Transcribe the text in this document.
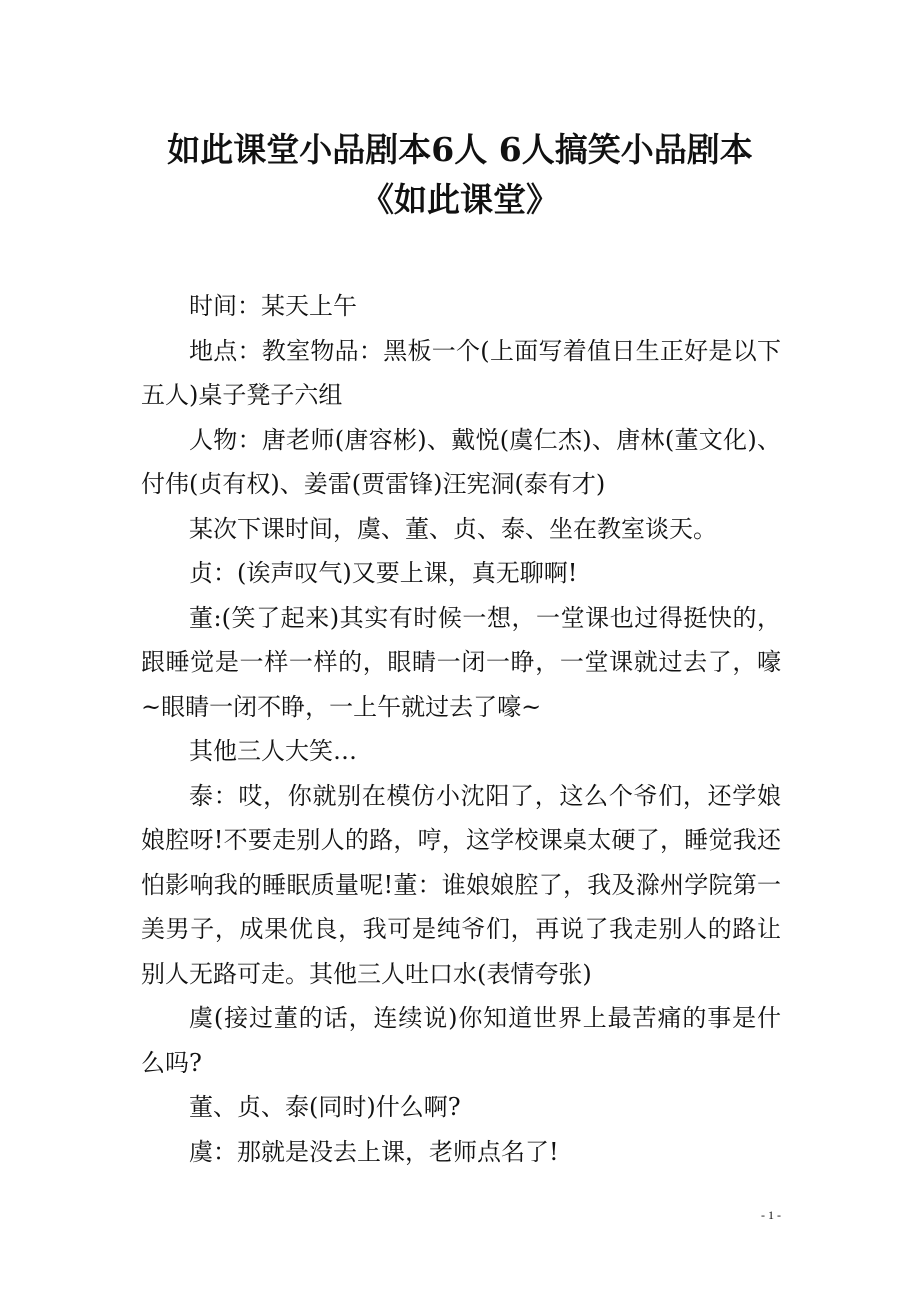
如此课堂小品剧本6人 6人搞笑小品剧本
《如此课堂》

时间：某天上午

地点：教室物品：黑板一个(上面写着值日生正好是以下五人)桌子凳子六组

人物：唐老师(唐容彬)、戴悦(虞仁杰)、唐林(董文化)、付伟(贞有权)、姜雷(贾雷锋)汪宪洞(泰有才)

某次下课时间，虞、董、贞、泰、坐在教室谈天。

贞：(诶声叹气)又要上课，真无聊啊!

董:(笑了起来)其实有时候一想，一堂课也过得挺快的，跟睡觉是一样一样的，眼睛一闭一睁，一堂课就过去了，嚎~眼睛一闭不睁，一上午就过去了嚎~

其他三人大笑…

泰：哎，你就别在模仿小沈阳了，这么个爷们，还学娘娘腔呀!不要走别人的路，哼，这学校课桌太硬了，睡觉我还怕影响我的睡眠质量呢!董：谁娘娘腔了，我及滁州学院第一美男子，成果优良，我可是纯爷们，再说了我走别人的路让别人无路可走。其他三人吐口水(表情夸张)

虞(接过董的话，连续说)你知道世界上最苦痛的事是什么吗?

董、贞、泰(同时)什么啊?

虞：那就是没去上课，老师点名了!

- 1 -
